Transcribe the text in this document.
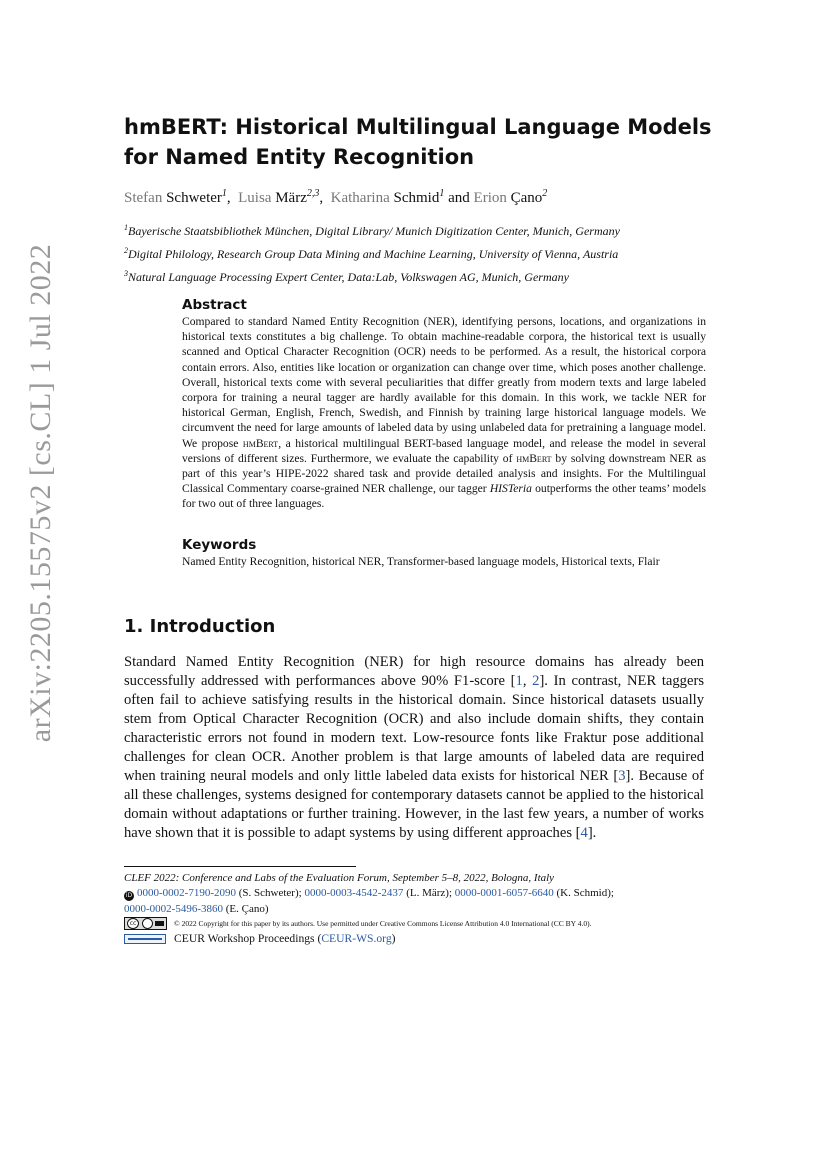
arXiv:2205.15575v2 [cs.CL] 1 Jul 2022
hmBERT: Historical Multilingual Language Models
for Named Entity Recognition
Stefan Schweter$^1$,  Luisa März$^{2,3}$,  Katharina Schmid$^1$ and Erion Çano$^2$
$^1$Bayerische Staatsbibliothek München, Digital Library/ Munich Digitization Center, Munich, Germany
$^2$Digital Philology, Research Group Data Mining and Machine Learning, University of Vienna, Austria
$^3$Natural Language Processing Expert Center, Data:Lab, Volkswagen AG, Munich, Germany
Abstract

Compared to standard Named Entity Recognition (NER), identifying persons, locations, and organizations in historical texts constitutes a big challenge. To obtain machine-readable corpora, the historical text is usually scanned and Optical Character Recognition (OCR) needs to be performed. As a result, the historical corpora contain errors. Also, entities like location or organization can change over time, which poses another challenge. Overall, historical texts come with several peculiarities that differ greatly from modern texts and large labeled corpora for training a neural tagger are hardly available for this domain. In this work, we tackle NER for historical German, English, French, Swedish, and Finnish by training large historical language models. We circumvent the need for large amounts of labeled data by using unlabeled data for pretraining a language model. We propose hmBert, a historical multilingual BERT-based language model, and release the model in several versions of different sizes. Furthermore, we evaluate the capability of hmBert by solving downstream NER as part of this year’s HIPE-2022 shared task and provide detailed analysis and insights. For the Multilingual Classical Commentary coarse-grained NER challenge, our tagger HISTeria outperforms the other teams’ models for two out of three languages.

Keywords
Named Entity Recognition, historical NER, Transformer-based language models, Historical texts, Flair
1. Introduction

Standard Named Entity Recognition (NER) for high resource domains has already been successfully addressed with performances above 90% F1-score [1, 2]. In contrast, NER taggers often fail to achieve satisfying results in the historical domain. Since historical datasets usually stem from Optical Character Recognition (OCR) and also include domain shifts, they contain characteristic errors not found in modern text. Low-resource fonts like Fraktur pose additional challenges for clean OCR. Another problem is that large amounts of labeled data are required when training neural models and only little labeled data exists for historical NER [3]. Because of all these challenges, systems designed for contemporary datasets cannot be applied to the historical domain without adaptations or further training. However, in the last few years, a number of works have shown that it is possible to adapt systems by using different approaches [4].

CLEF 2022: Conference and Labs of the Evaluation Forum, September 5–8, 2022, Bologna, Italy
iD 0000-0002-7190-2090 (S. Schweter); 0000-0003-4542-2437 (L. März); 0000-0001-6057-6640 (K. Schmid);
0000-0002-5496-3860 (E. Çano)
cc	© 2022 Copyright for this paper by its authors. Use permitted under Creative Commons License Attribution 4.0 International (CC BY 4.0).
CEUR Workshop Proceedings (CEUR-WS.org)
